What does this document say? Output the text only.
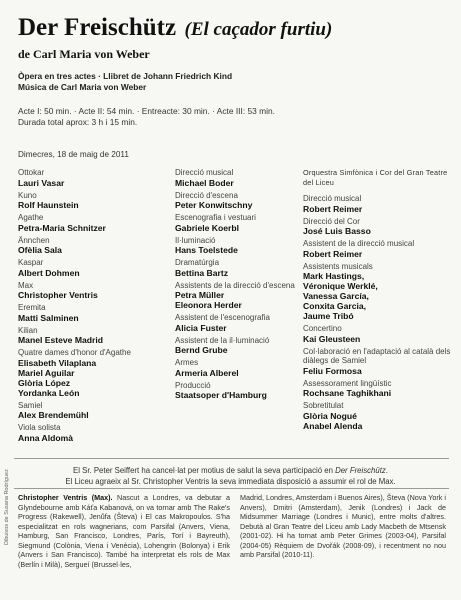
Der Freischütz (El caçador furtiu)
de Carl Maria von Weber
Òpera en tres actes · Llibret de Johann Friedrich Kind
Música de Carl Maria von Weber
Acte I: 50 min. · Acte II: 54 min. · Entreacte: 30 min. · Acte III: 53 min.
Durada total aprox: 3 h i 15 min.
Dimecres, 18 de maig de 2011
Ottokar
Lauri Vasar
Kuno
Rolf Haunstein
Agathe
Petra-Maria Schnitzer
Ännchen
Ofèlia Sala
Kaspar
Albert Dohmen
Max
Christopher Ventris
Eremita
Matti Salminen
Kilian
Manel Esteve Madrid
Quatre dames d'honor d'Agathe
Elisabeth Vilaplana
Mariel Aguilar
Glòria López
Yordanka León
Samiel
Alex Brendemühl
Viola solista
Anna Aldomà
Direcció musical
Michael Boder
Direcció d'escena
Peter Konwitschny
Escenografia i vestuari
Gabriele Koerbl
Il·luminació
Hans Toelstede
Dramatúrgia
Bettina Bartz
Assistents de la direcció d'escena
Petra Müller
Eleonora Herder
Assistent de l'escenografia
Alicia Fuster
Assistent de la il·luminació
Bernd Grube
Armes
Armeria Alberel
Producció
Staatsoper d'Hamburg
Orquestra Simfònica i Cor del Gran Teatre del Liceu
Direcció musical
Robert Reimer
Direcció del Cor
José Luis Basso
Assistent de la direcció musical
Robert Reimer
Assistents musicals
Mark Hastings,
Véronique Werklé,
Vanessa García,
Conxita Garcia,
Jaume Tribó
Concertino
Kai Gleusteen
Col·laboració en l'adaptació al català dels diàlegs de Samiel
Feliu Formosa
Assessorament lingüístic
Rochsane Taghikhani
Sobretitulat
Glòria Nogué
Anabel Alenda
El Sr. Peter Seiffert ha cancel·lat per motius de salut la seva participació en Der Freischütz.
El Liceu agraeix al Sr. Christopher Ventris la seva immediata disposició a assumir el rol de Max.
Dibuixos de Susana Rodríguez Christopher Ventris (Max). Nascut a Londres, va debutar a Glyndebourne amb Káťa Kabanová, on va tornar amb The Rake's Progress (Rakewell), Jenůfa (Števa) i El cas Makropoulos. S'ha especialitzat en rols wagnerians, com Parsifal (Anvers, Viena, Hamburg, San Francisco, Londres, París, Torí i Bayreuth), Siegmund (Colònia, Viena i Venècia), Lohengrin (Bolonya) i Erik (Anvers i San Francisco). També ha interpretat els rols de Max (Berlín i Milà), Sergueí (Brussel·les,
Madrid, Londres, Amsterdam i Buenos Aires), Števa (Nova York i Anvers), Dmitri (Amsterdam), Jenik (Londres) i Jack de Midsummer Marriage (Londres i Munic), entre molts d'altres. Debutà al Gran Teatre del Liceu amb Lady Macbeth de Mtsensk (2001-02). Hi ha tornat amb Peter Grimes (2003-04), Parsifal (2004-05) Rèquiem de Dvořák (2008-09), i recentment no nou amb Parsifal (2010-11).
